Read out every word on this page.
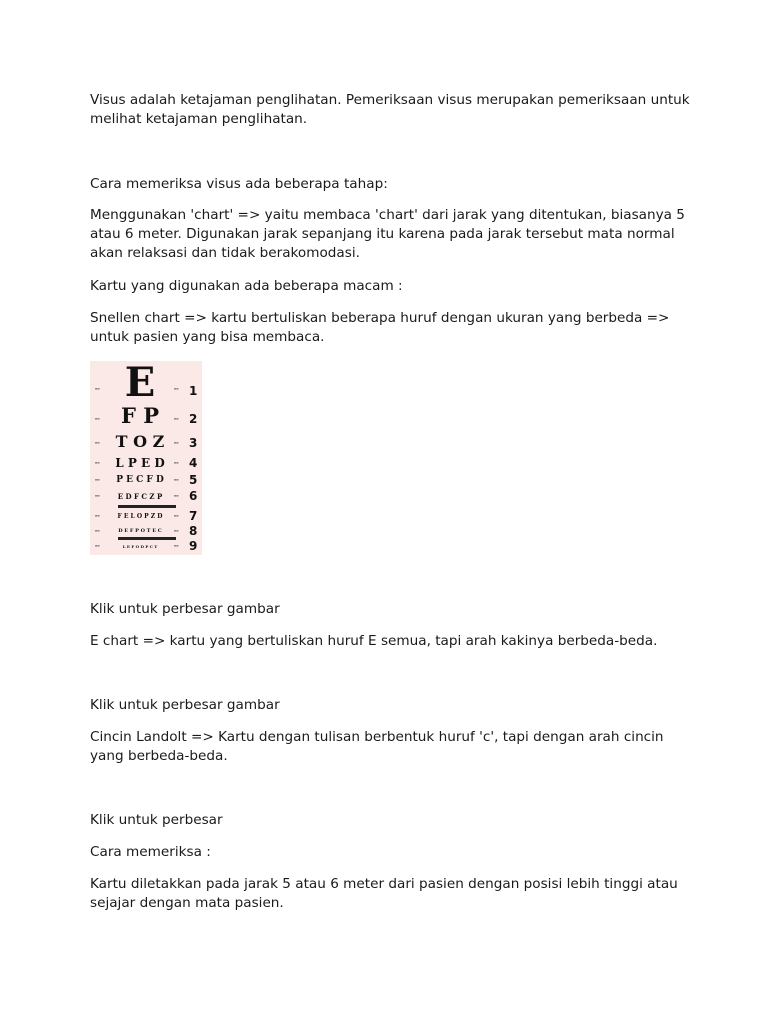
Visus adalah ketajaman penglihatan. Pemeriksaan visus merupakan pemeriksaan untuk melihat ketajaman penglihatan.

Cara memeriksa visus ada beberapa tahap:

Menggunakan 'chart' => yaitu membaca 'chart' dari jarak yang ditentukan, biasanya 5 atau 6 meter. Digunakan jarak sepanjang itu karena pada jarak tersebut mata normal akan relaksasi dan tidak berakomodasi.

Kartu yang digunakan ada beberapa macam :

Snellen chart => kartu bertuliskan beberapa huruf dengan ukuran yang berbeda => untuk pasien yang bisa membaca.

≡≡ E	≡≡ 1
≡≡	F P	≡≡ 2
≡≡ T O Z	≡≡ 3
≡≡	L P E D	≡≡ 4
≡≡	P E C F D	≡≡ 5
≡≡	E D F C Z P	≡≡ 6
≡≡	F E L O P Z D	≡≡ 7
≡≡	D E F P O T E C	≡≡ 8
≡≡	L E F O D P C T	≡≡ 9

Klik untuk perbesar gambar

E chart => kartu yang bertuliskan huruf E semua, tapi arah kakinya berbeda-beda.

Klik untuk perbesar gambar

Cincin Landolt => Kartu dengan tulisan berbentuk huruf 'c', tapi dengan arah cincin yang berbeda-beda.

Klik untuk perbesar

Cara memeriksa :

Kartu diletakkan pada jarak 5 atau 6 meter dari pasien dengan posisi lebih tinggi atau sejajar dengan mata pasien.
